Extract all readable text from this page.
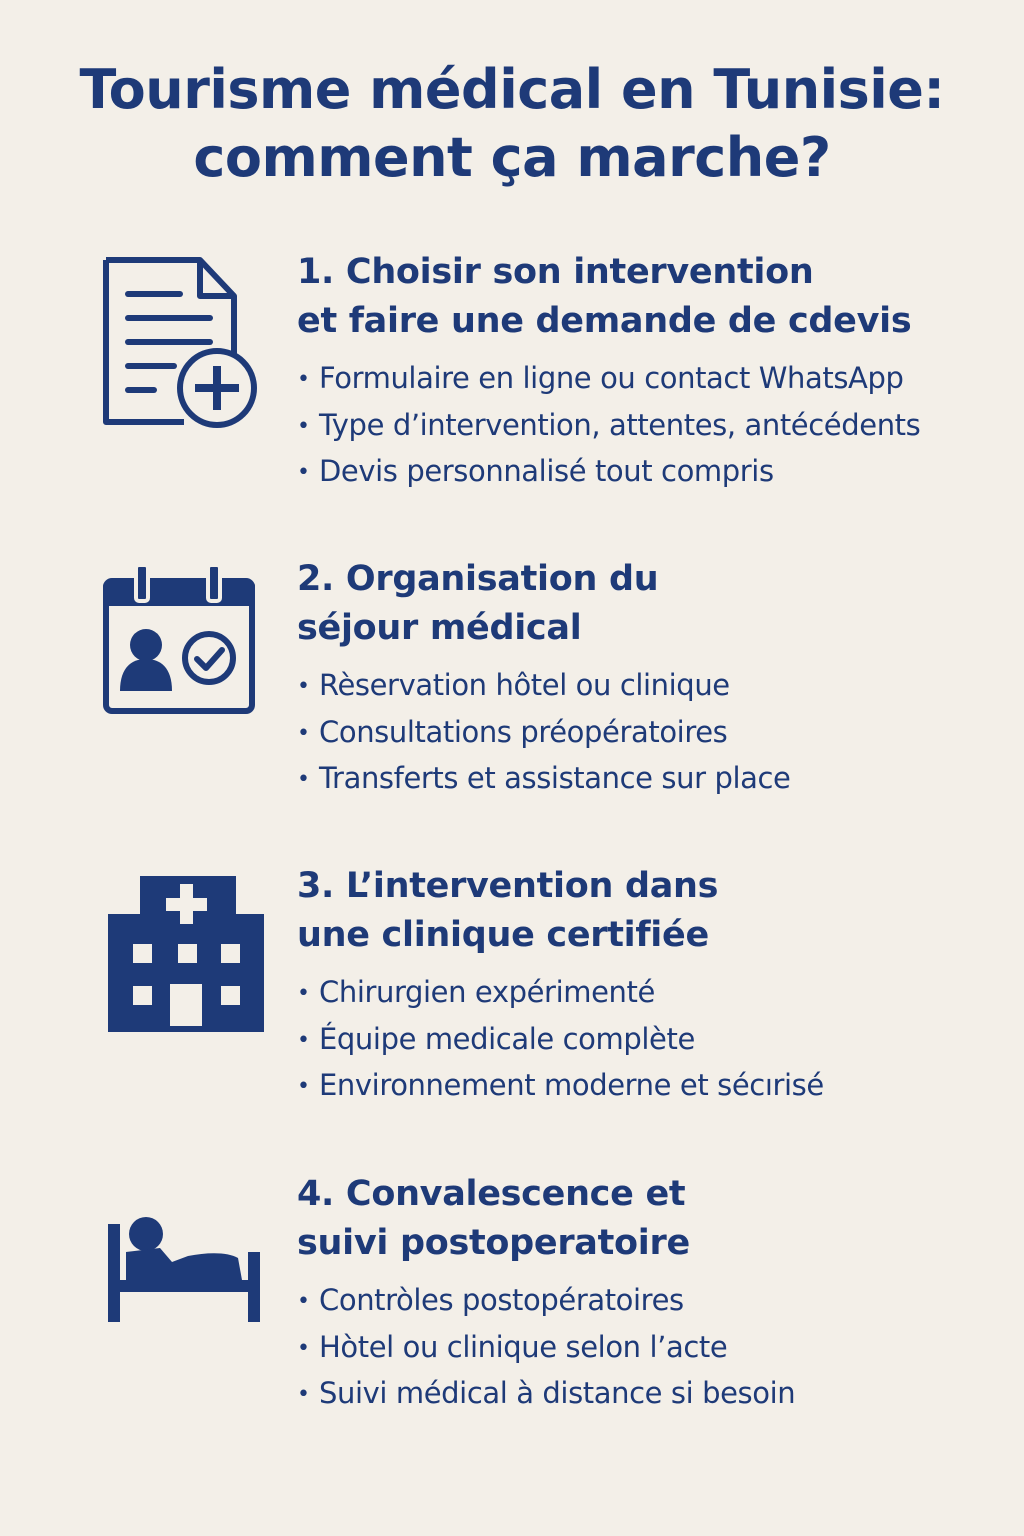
Tourisme médical en Tunisie:
comment ça marche?
1. Choisir son intervention
et faire une demande de cdevis
• Formulaire en ligne ou contact WhatsApp
• Type d’intervention, attentes, antécédents
• Devis personnalisé tout compris
2. Organisation du
séjour médical
• Rèservation hôtel ou clinique
• Consultations préopératoires
• Transferts et assistance sur place
3. L’intervention dans
une clinique certifiée
• Chirurgien expérimenté
• Équipe medicale complète
• Environnement moderne et sécırisé
4. Convalescence et
suivi postoperatoire
• Contròles postopératoires
• Hòtel ou clinique selon l’acte
• Suivi médical à distance si besoin
